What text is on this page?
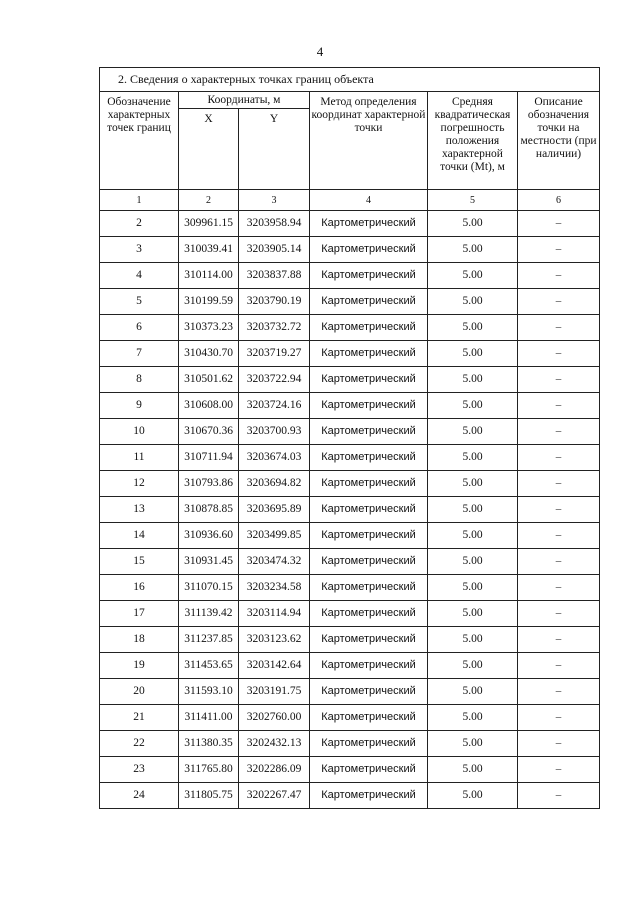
4
2. Сведения о характерных точках границ объекта					
Обозначение характерных точек границ	Координаты, м		Метод определения координат характерной точки	Средняя квадратическая погрешность положения характерной точки (Mt), м	Описание обозначения точки на местности (при наличии)
	X	Y			
1	2	3	4	5	6
2	309961.15	3203958.94	Картометрический	5.00	–
3	310039.41	3203905.14	Картометрический	5.00	–
4	310114.00	3203837.88	Картометрический	5.00	–
5	310199.59	3203790.19	Картометрический	5.00	–
6	310373.23	3203732.72	Картометрический	5.00	–
7	310430.70	3203719.27	Картометрический	5.00	–
8	310501.62	3203722.94	Картометрический	5.00	–
9	310608.00	3203724.16	Картометрический	5.00	–
10	310670.36	3203700.93	Картометрический	5.00	–
11	310711.94	3203674.03	Картометрический	5.00	–
12	310793.86	3203694.82	Картометрический	5.00	–
13	310878.85	3203695.89	Картометрический	5.00	–
14	310936.60	3203499.85	Картометрический	5.00	–
15	310931.45	3203474.32	Картометрический	5.00	–
16	311070.15	3203234.58	Картометрический	5.00	–
17	311139.42	3203114.94	Картометрический	5.00	–
18	311237.85	3203123.62	Картометрический	5.00	–
19	311453.65	3203142.64	Картометрический	5.00	–
20	311593.10	3203191.75	Картометрический	5.00	–
21	311411.00	3202760.00	Картометрический	5.00	–
22	311380.35	3202432.13	Картометрический	5.00	–
23	311765.80	3202286.09	Картометрический	5.00	–
24	311805.75	3202267.47	Картометрический	5.00	–
